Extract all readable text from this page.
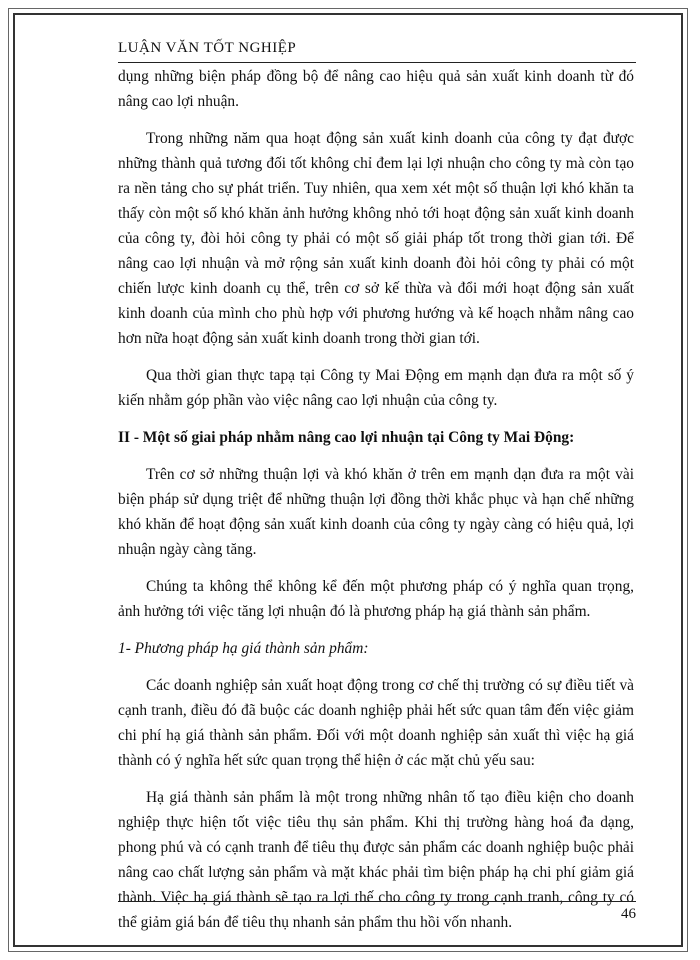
LUẬN VĂN TỐT NGHIỆP

dụng những biện pháp đồng bộ để nâng cao hiệu quả sản xuất kinh doanh từ đó nâng cao lợi nhuận.

Trong những năm qua hoạt động sản xuất kinh doanh của công ty đạt được những thành quả tương đối tốt không chỉ đem lại lợi nhuận cho công ty mà còn tạo ra nền tảng cho sự phát triển. Tuy nhiên, qua xem xét một số thuận lợi khó khăn ta thấy còn một số khó khăn ảnh hưởng không nhỏ tới hoạt động sản xuất kinh doanh của công ty, đòi hỏi công ty phải có một số giải pháp tốt trong thời gian tới. Để nâng cao lợi nhuận và mở rộng sản xuất kinh doanh đòi hỏi công ty phải có một chiến lược kinh doanh cụ thể, trên cơ sở kế thừa và đổi mới hoạt động sản xuất kinh doanh của mình cho phù hợp với phương hướng và kế hoạch nhằm nâng cao hơn nữa hoạt động sản xuất kinh doanh trong thời gian tới.

Qua thời gian thực tapạ tại Công ty Mai Động em mạnh dạn đưa ra một số ý kiến nhằm góp phần vào việc nâng cao lợi nhuận của công ty.

II - Một số giai pháp nhằm nâng cao lợi nhuận tại Công ty Mai Động:

Trên cơ sở những thuận lợi và khó khăn ở trên em mạnh dạn đưa ra một vài biện pháp sử dụng triệt để những thuận lợi đồng thời khắc phục và hạn chế những khó khăn để hoạt động sản xuất kinh doanh của công ty ngày càng có hiệu quả, lợi nhuận ngày càng tăng.

Chúng ta không thể không kể đến một phương pháp có ý nghĩa quan trọng, ảnh hưởng tới việc tăng lợi nhuận đó là phương pháp hạ giá thành sản phẩm.

1- Phương pháp hạ giá thành sản phẩm:

Các doanh nghiệp sản xuất hoạt động trong cơ chế thị trường có sự điều tiết và cạnh tranh, điều đó đã buộc các doanh nghiệp phải hết sức quan tâm đến việc giảm chi phí hạ giá thành sản phẩm. Đối với một doanh nghiệp sản xuất thì việc hạ giá thành có ý nghĩa hết sức quan trọng thể hiện ở các mặt chủ yếu sau:

Hạ giá thành sản phẩm là một trong những nhân tố tạo điều kiện cho doanh nghiệp thực hiện tốt việc tiêu thụ sản phẩm. Khi thị trường hàng hoá đa dạng, phong phú và có cạnh tranh để tiêu thụ được sản phẩm các doanh nghiệp buộc phải nâng cao chất lượng sản phẩm và mặt khác phải tìm biện pháp hạ chi phí giảm giá thành. Việc hạ giá thành sẽ tạo ra lợi thế cho công ty trong cạnh tranh, công ty có thể giảm giá bán để tiêu thụ nhanh sản phẩm thu hồi vốn nhanh.	46
